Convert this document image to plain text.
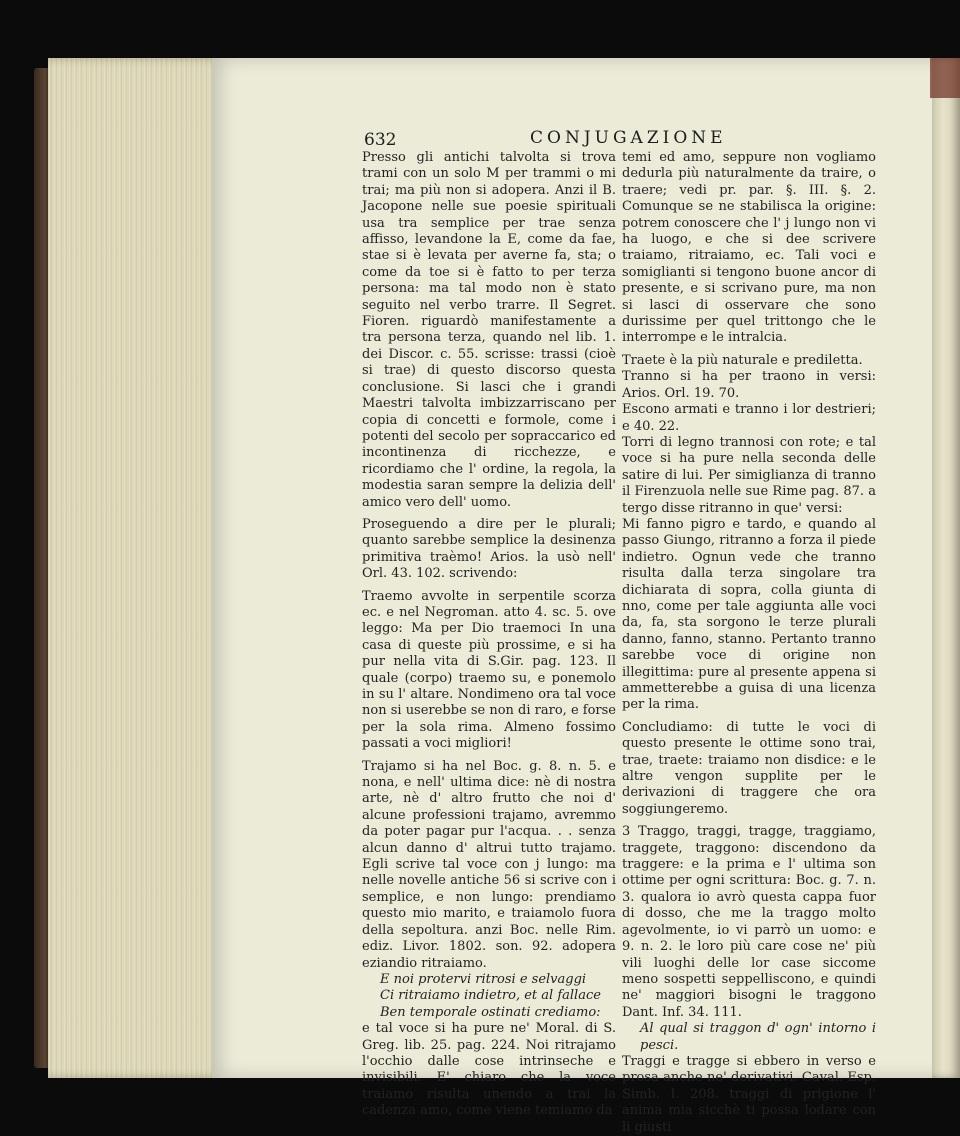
632	CONJUGAZIONE

Presso gli antichi talvolta si trova trami con un solo M per trammi o mi trai; ma più non si adopera. Anzi il B. Jacopone nelle sue poesie spirituali usa tra semplice per trae senza affisso, levandone la E, come da fae, stae si è levata per averne fa, sta; o come da toe si è fatto to per terza persona: ma tal modo non è stato seguito nel verbo trarre. Il Segret. Fioren. riguardò manifestamente a tra persona terza, quando nel lib. 1. dei Discor. c. 55. scrisse: trassi (cioè si trae) di questo discorso questa conclusione. Si lasci che i grandi Maestri talvolta imbizzarriscano per copia di concetti e formole, come i potenti del secolo per sopraccarico ed incontinenza di ricchezze, e ricordiamo che l' ordine, la regola, la modestia saran sempre la delizia dell' amico vero dell' uomo.

Proseguendo a dire per le plurali; quanto sarebbe semplice la desinenza primitiva traèmo! Arios. la usò nell' Orl. 43. 102. scrivendo:

Traemo avvolte in serpentile scorza ec. e nel Negroman. atto 4. sc. 5. ove leggo: Ma per Dio traemoci In una casa di queste più prossime, e si ha pur nella vita di S.Gir. pag. 123. Il quale (corpo) traemo su, e ponemolo in su l' altare. Nondimeno ora tal voce non si userebbe se non di raro, e forse per la sola rima. Almeno fossimo passati a voci migliori!

Trajamo si ha nel Boc. g. 8. n. 5. e nona, e nell' ultima dice: nè di nostra arte, nè d' altro frutto che noi d' alcune professioni trajamo, avremmo da poter pagar pur l'acqua. . . senza alcun danno d' altrui tutto trajamo. Egli scrive tal voce con j lungo: ma nelle novelle antiche 56 si scrive con i semplice, e non lungo: prendiamo questo mio marito, e traiamolo fuora della sepoltura. anzi Boc. nelle Rim. ediz. Livor. 1802. son. 92. adopera eziandio ritraiamo.

E noi protervi ritrosi e selvaggi

Ci ritraiamo indietro, et al fallace

Ben temporale ostinati crediamo:

e tal voce si ha pure ne' Moral. di S. Greg. lib. 25. pag. 224. Noi ritrajamo l'occhio dalle cose intrinseche e invisibili. E' chiaro che la voce traiamo risulta unendo a trai la cadenza amo, come viene temiamo da

temi ed amo, seppure non vogliamo dedurla più naturalmente da traire, o traere; vedi pr. par. §. III. §. 2. Comunque se ne stabilisca la origine: potrem conoscere che l' j lungo non vi ha luogo, e che si dee scrivere traiamo, ritraiamo, ec. Tali voci e somiglianti si tengono buone ancor di presente, e si scrivano pure, ma non si lasci di osservare che sono durissime per quel trittongo che le interrompe e le intralcia.

Traete è la più naturale e prediletta.

Tranno si ha per traono in versi: Arios. Orl. 19. 70.

Escono armati e tranno i lor destrieri; e 40. 22.

Torri di legno trannosi con rote; e tal voce si ha pure nella seconda delle satire di lui. Per simiglianza di tranno il Firenzuola nelle sue Rime pag. 87. a tergo disse ritranno in que' versi:

Mi fanno pigro e tardo, e quando al passo Giungo, ritranno a forza il piede indietro. Ognun vede che tranno risulta dalla terza singolare tra dichiarata di sopra, colla giunta di nno, come per tale aggiunta alle voci da, fa, sta sorgono le terze plurali danno, fanno, stanno. Pertanto tranno sarebbe voce di origine non illegittima: pure al presente appena si ammetterebbe a guisa di una licenza per la rima.

Concludiamo: di tutte le voci di questo presente le ottime sono trai, trae, traete: traiamo non disdice: e le altre vengon supplite per le derivazioni di traggere che ora soggiungeremo.

3 Traggo, traggi, tragge, traggiamo, traggete, traggono: discendono da traggere: e la prima e l' ultima son ottime per ogni scrittura: Boc. g. 7. n. 3. qualora io avrò questa cappa fuor di dosso, che me la traggo molto agevolmente, io vi parrò un uomo: e 9. n. 2. le loro più care cose ne' più vili luoghi delle lor case siccome meno sospetti seppelliscono, e quindi ne' maggiori bisogni le traggono Dant. Inf. 34. 111.

Al qual si traggon d' ogn' intorno i pesci.

Traggi e tragge si ebbero in verso e prosa anche ne' derivativi. Caval. Esp. Simb. I. 208. traggi di prigione l' anima mia sicchè ti possa lodare con li giusti
